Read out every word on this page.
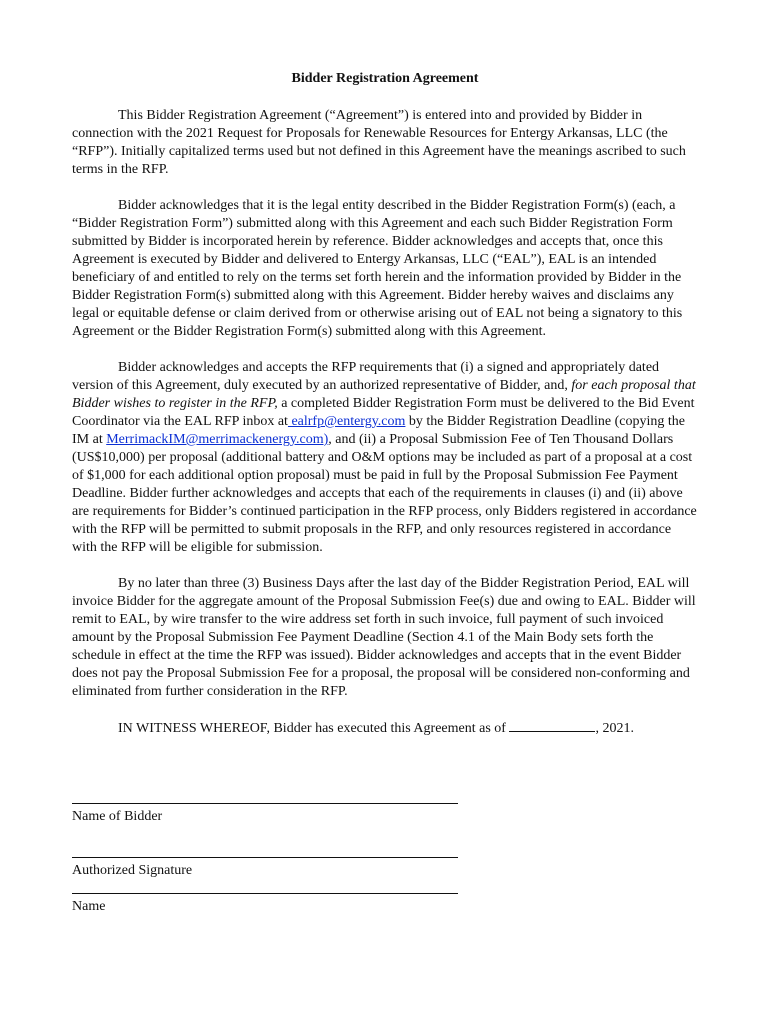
Bidder Registration Agreement

This Bidder Registration Agreement (“Agreement”) is entered into and provided by Bidder in connection with the 2021 Request for Proposals for Renewable Resources for Entergy Arkansas, LLC (the “RFP”). Initially capitalized terms used but not defined in this Agreement have the meanings ascribed to such terms in the RFP.

Bidder acknowledges that it is the legal entity described in the Bidder Registration Form(s) (each, a “Bidder Registration Form”) submitted along with this Agreement and each such Bidder Registration Form submitted by Bidder is incorporated herein by reference. Bidder acknowledges and accepts that, once this Agreement is executed by Bidder and delivered to Entergy Arkansas, LLC (“EAL”), EAL is an intended beneficiary of and entitled to rely on the terms set forth herein and the information provided by Bidder in the Bidder Registration Form(s) submitted along with this Agreement. Bidder hereby waives and disclaims any legal or equitable defense or claim derived from or otherwise arising out of EAL not being a signatory to this Agreement or the Bidder Registration Form(s) submitted along with this Agreement.

Bidder acknowledges and accepts the RFP requirements that (i) a signed and appropriately dated version of this Agreement, duly executed by an authorized representative of Bidder, and, for each proposal that Bidder wishes to register in the RFP, a completed Bidder Registration Form must be delivered to the Bid Event Coordinator via the EAL RFP inbox at ealrfp@entergy.com by the Bidder Registration Deadline (copying the IM at MerrimackIM@merrimackenergy.com), and (ii) a Proposal Submission Fee of Ten Thousand Dollars (US$10,000) per proposal (additional battery and O&M options may be included as part of a proposal at a cost of $1,000 for each additional option proposal) must be paid in full by the Proposal Submission Fee Payment Deadline. Bidder further acknowledges and accepts that each of the requirements in clauses (i) and (ii) above are requirements for Bidder’s continued participation in the RFP process, only Bidders registered in accordance with the RFP will be permitted to submit proposals in the RFP, and only resources registered in accordance with the RFP will be eligible for submission.

By no later than three (3) Business Days after the last day of the Bidder Registration Period, EAL will invoice Bidder for the aggregate amount of the Proposal Submission Fee(s) due and owing to EAL. Bidder will remit to EAL, by wire transfer to the wire address set forth in such invoice, full payment of such invoiced amount by the Proposal Submission Fee Payment Deadline (Section 4.1 of the Main Body sets forth the schedule in effect at the time the RFP was issued). Bidder acknowledges and accepts that in the event Bidder does not pay the Proposal Submission Fee for a proposal, the proposal will be considered non-conforming and eliminated from further consideration in the RFP.

IN WITNESS WHEREOF, Bidder has executed this Agreement as of	, 2021.

Name of Bidder
Authorized Signature
Name
